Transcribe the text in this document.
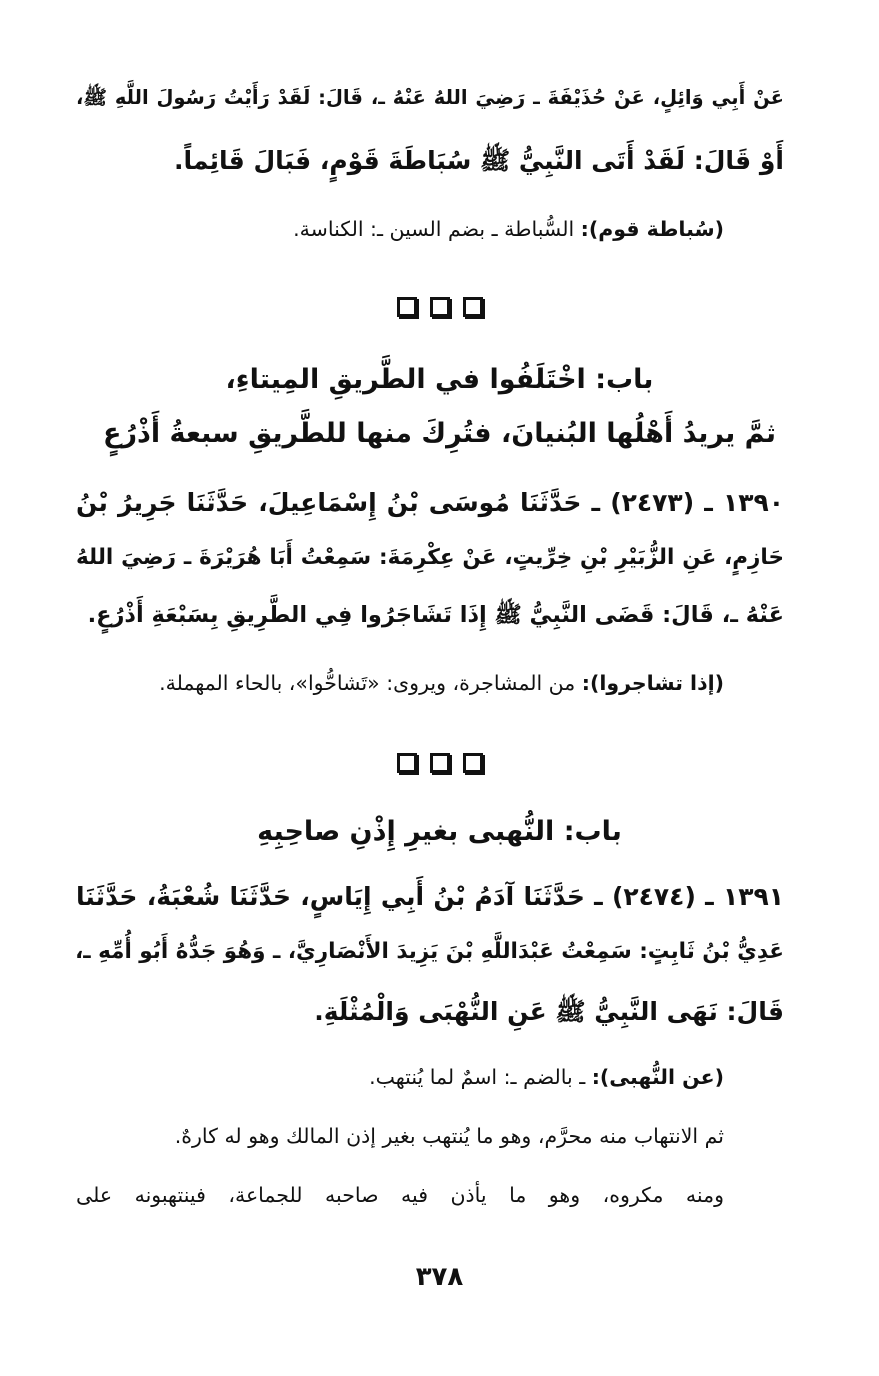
عَنْ أَبِي وَائِلٍ، عَنْ حُذَيْفَةَ ـ رَضِيَ اللهُ عَنْهُ ـ، قَالَ: لَقَدْ رَأَيْتُ رَسُولَ اللَّهِ ﷺ،
أَوْ قَالَ: لَقَدْ أَتَى النَّبِيُّ ﷺ سُبَاطَةَ قَوْمٍ، فَبَالَ قَائِماً.
(سُباطة قوم): السُّباطة ـ بضم السين ـ: الكناسة.
باب: اخْتَلَفُوا في الطَّريقِ المِيتاءِ،
ثمَّ يريدُ أَهْلُها البُنيانَ، فتُرِكَ منها للطَّريقِ سبعةُ أَذْرُعٍ
١٣٩٠ ـ (٢٤٧٣) ـ حَدَّثَنَا مُوسَى بْنُ إِسْمَاعِيلَ، حَدَّثَنَا جَرِيرُ بْنُ
حَازِمٍ، عَنِ الزُّبَيْرِ بْنِ خِرِّيتٍ، عَنْ عِكْرِمَةَ: سَمِعْتُ أَبَا هُرَيْرَةَ ـ رَضِيَ اللهُ
عَنْهُ ـ، قَالَ: قَضَى النَّبِيُّ ﷺ إِذَا تَشَاجَرُوا فِي الطَّرِيقِ بِسَبْعَةِ أَذْرُعٍ.
(إذا تشاجروا): من المشاجرة، ويروى: «تَشاحُّوا»، بالحاء المهملة.
باب: النُّهبى بغيرِ إِذْنِ صاحِبِهِ
١٣٩١ ـ (٢٤٧٤) ـ حَدَّثَنَا آدَمُ بْنُ أَبِي إِيَاسٍ، حَدَّثَنَا شُعْبَةُ، حَدَّثَنَا
عَدِيُّ بْنُ ثَابِتٍ: سَمِعْتُ عَبْدَاللَّهِ بْنَ يَزِيدَ الأَنْصَارِيَّ، ـ وَهُوَ جَدُّهُ أَبُو أُمِّهِ ـ،
قَالَ: نَهَى النَّبِيُّ ﷺ عَنِ النُّهْبَى وَالْمُثْلَةِ.
(عن النُّهبى): ـ بالضم ـ: اسمٌ لما يُنتهب.
ثم الانتهاب منه محرَّم، وهو ما يُنتهب بغير إذن المالك وهو له كارهٌ.
ومنه مكروه، وهو ما يأذن فيه صاحبه للجماعة، فينتهبونه على
٣٧٨
